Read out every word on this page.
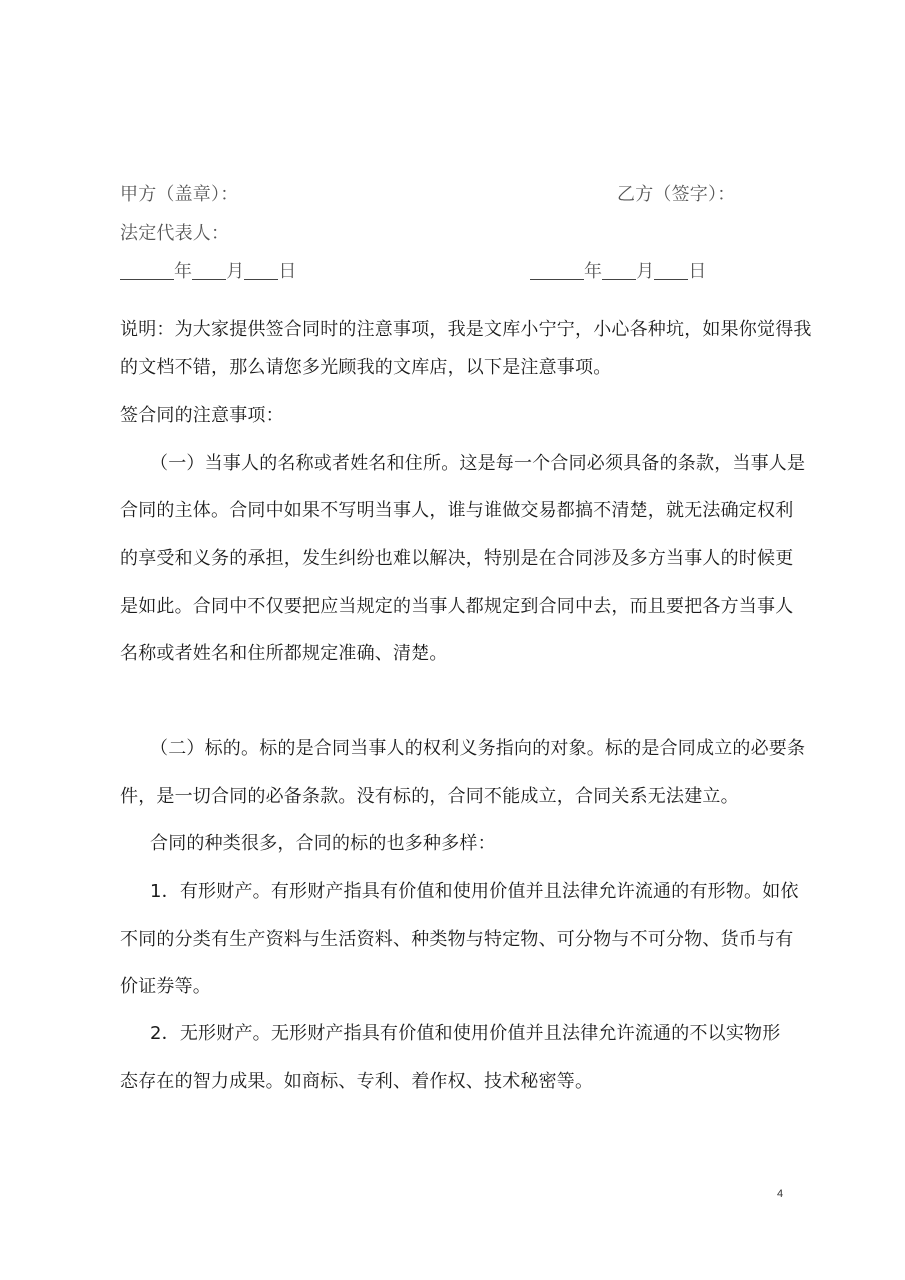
甲方（盖章）：	乙方（签字）：
法定代表人：
年 月 日	年 月 日
说明：为大家提供签合同时的注意事项，我是文库小宁宁，小心各种坑，如果你觉得我
的文档不错，那么请您多光顾我的文库店，以下是注意事项。
签合同的注意事项：
（一）当事人的名称或者姓名和住所。这是每一个合同必须具备的条款，当事人是
合同的主体。合同中如果不写明当事人，谁与谁做交易都搞不清楚，就无法确定权利
的享受和义务的承担，发生纠纷也难以解决，特别是在合同涉及多方当事人的时候更
是如此。合同中不仅要把应当规定的当事人都规定到合同中去，而且要把各方当事人
名称或者姓名和住所都规定准确、清楚。
（二）标的。标的是合同当事人的权利义务指向的对象。标的是合同成立的必要条
件，是一切合同的必备条款。没有标的，合同不能成立，合同关系无法建立。
合同的种类很多，合同的标的也多种多样：
1．有形财产。有形财产指具有价值和使用价值并且法律允许流通的有形物。如依
不同的分类有生产资料与生活资料、种类物与特定物、可分物与不可分物、货币与有
价证券等。
2．无形财产。无形财产指具有价值和使用价值并且法律允许流通的不以实物形
态存在的智力成果。如商标、专利、着作权、技术秘密等。
4
